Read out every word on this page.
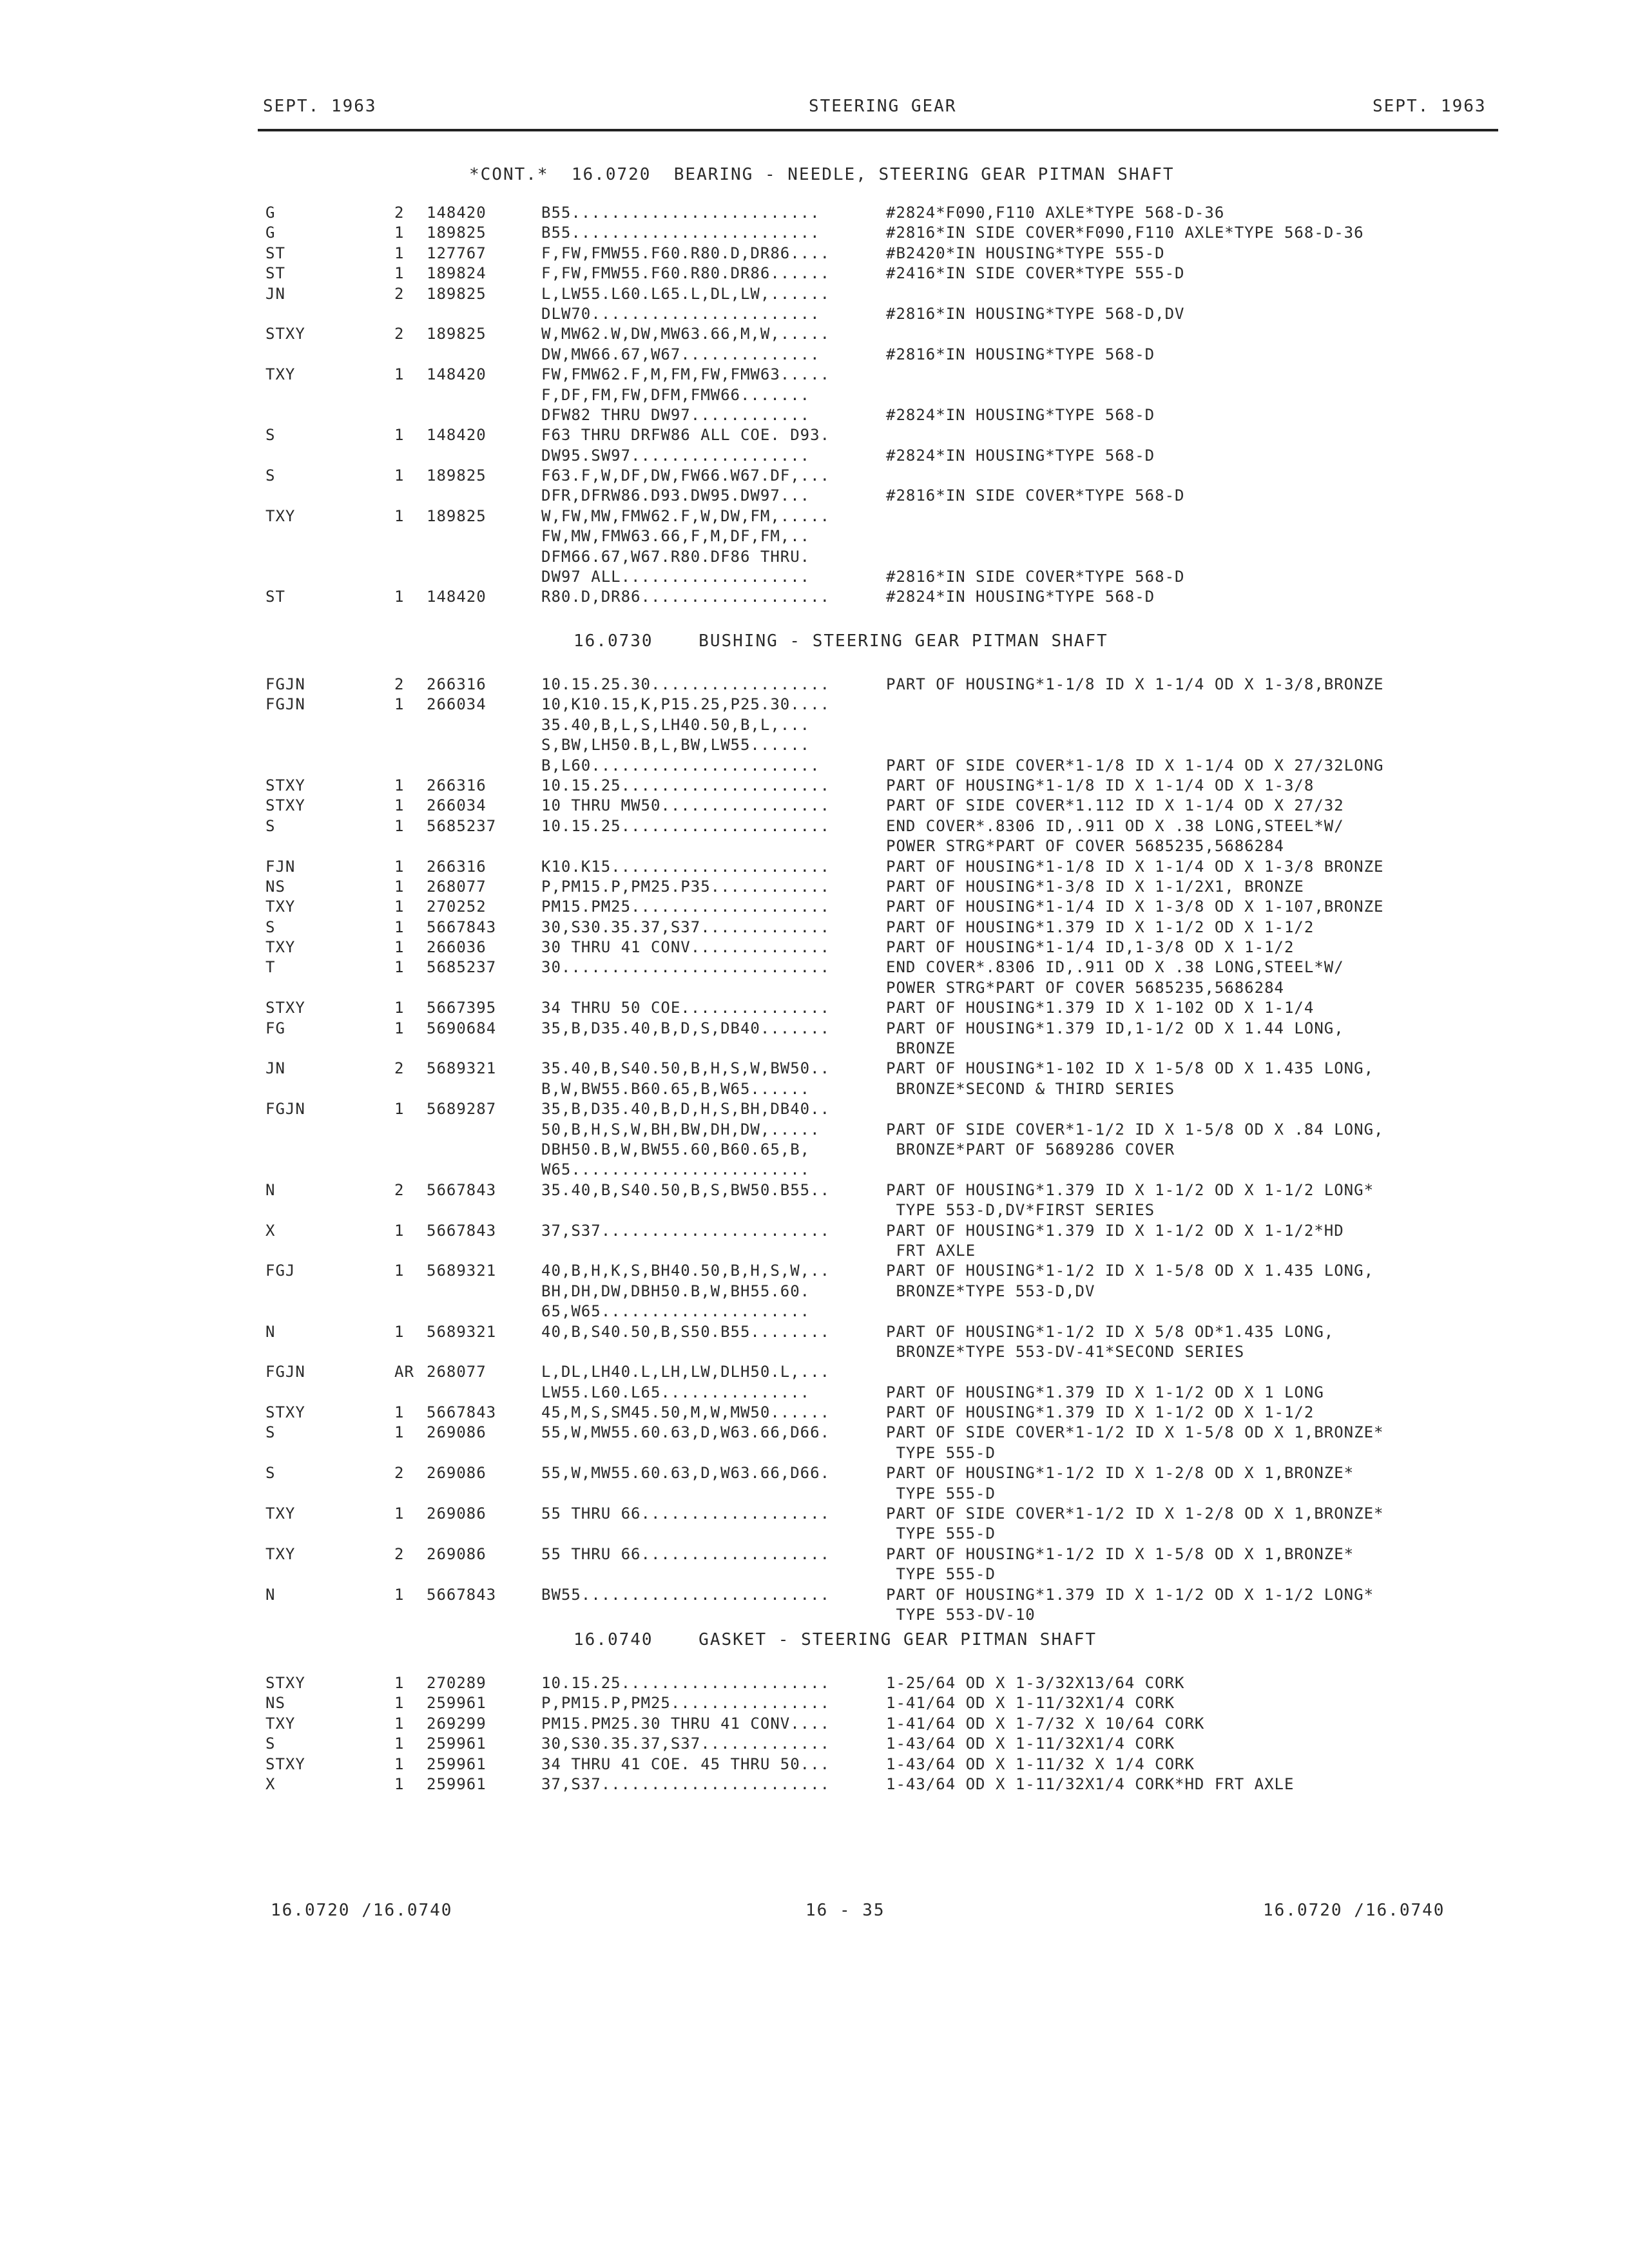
SEPT. 1963	STEERING GEAR	SEPT. 1963
*CONT.*  16.0720  BEARING - NEEDLE, STEERING GEAR PITMAN SHAFT
G	2 148420	B55.........................	#2824*F090,F110 AXLE*TYPE 568-D-36
G	1 189825	B55.........................	#2816*IN SIDE COVER*F090,F110 AXLE*TYPE 568-D-36
ST	1 127767	F,FW,FMW55.F60.R80.D,DR86....	#B2420*IN HOUSING*TYPE 555-D
ST	1 189824	F,FW,FMW55.F60.R80.DR86......	#2416*IN SIDE COVER*TYPE 555-D
JN	2 189825	L,LW55.L60.L65.L,DL,LW,......
DLW70.......................	#2816*IN HOUSING*TYPE 568-D,DV
STXY	2 189825	W,MW62.W,DW,MW63.66,M,W,.....
DW,MW66.67,W67..............	#2816*IN HOUSING*TYPE 568-D
TXY	1 148420	FW,FMW62.F,M,FM,FW,FMW63.....
F,DF,FM,FW,DFM,FMW66.......
DFW82 THRU DW97............	#2824*IN HOUSING*TYPE 568-D
S	1 148420	F63 THRU DRFW86 ALL COE. D93.
DW95.SW97..................	#2824*IN HOUSING*TYPE 568-D
S	1 189825	F63.F,W,DF,DW,FW66.W67.DF,...
DFR,DFRW86.D93.DW95.DW97...	#2816*IN SIDE COVER*TYPE 568-D
TXY	1 189825	W,FW,MW,FMW62.F,W,DW,FM,.....
FW,MW,FMW63.66,F,M,DF,FM,..
DFM66.67,W67.R80.DF86 THRU.
DW97 ALL...................	#2816*IN SIDE COVER*TYPE 568-D
ST	1 148420	R80.D,DR86...................	#2824*IN HOUSING*TYPE 568-D
16.0730    BUSHING - STEERING GEAR PITMAN SHAFT
FGJN	2 266316	10.15.25.30..................	PART OF HOUSING*1-1/8 ID X 1-1/4 OD X 1-3/8,BRONZE
FGJN	1 266034	10,K10.15,K,P15.25,P25.30....
35.40,B,L,S,LH40.50,B,L,...
S,BW,LH50.B,L,BW,LW55......
B,L60.......................	PART OF SIDE COVER*1-1/8 ID X 1-1/4 OD X 27/32LONG
STXY	1 266316	10.15.25.....................	PART OF HOUSING*1-1/8 ID X 1-1/4 OD X 1-3/8
STXY	1 266034	10 THRU MW50.................	PART OF SIDE COVER*1.112 ID X 1-1/4 OD X 27/32
S	1 5685237	10.15.25.....................	END COVER*.8306 ID,.911 OD X .38 LONG,STEEL*W/
POWER STRG*PART OF COVER 5685235,5686284
FJN	1 266316	K10.K15......................	PART OF HOUSING*1-1/8 ID X 1-1/4 OD X 1-3/8 BRONZE
NS	1 268077	P,PM15.P,PM25.P35............	PART OF HOUSING*1-3/8 ID X 1-1/2X1, BRONZE
TXY	1 270252	PM15.PM25....................	PART OF HOUSING*1-1/4 ID X 1-3/8 OD X 1-107,BRONZE
S	1 5667843	30,S30.35.37,S37.............	PART OF HOUSING*1.379 ID X 1-1/2 OD X 1-1/2
TXY	1 266036	30 THRU 41 CONV..............	PART OF HOUSING*1-1/4 ID,1-3/8 OD X 1-1/2
T	1 5685237	30...........................	END COVER*.8306 ID,.911 OD X .38 LONG,STEEL*W/
POWER STRG*PART OF COVER 5685235,5686284
STXY	1 5667395	34 THRU 50 COE...............	PART OF HOUSING*1.379 ID X 1-102 OD X 1-1/4
FG	1 5690684	35,B,D35.40,B,D,S,DB40.......	PART OF HOUSING*1.379 ID,1-1/2 OD X 1.44 LONG,
BRONZE
JN	2 5689321	35.40,B,S40.50,B,H,S,W,BW50..	PART OF HOUSING*1-102 ID X 1-5/8 OD X 1.435 LONG,
B,W,BW55.B60.65,B,W65......	BRONZE*SECOND & THIRD SERIES
FGJN	1 5689287	35,B,D35.40,B,D,H,S,BH,DB40..
50,B,H,S,W,BH,BW,DH,DW,.....	PART OF SIDE COVER*1-1/2 ID X 1-5/8 OD X .84 LONG,
DBH50.B,W,BW55.60,B60.65,B,	BRONZE*PART OF 5689286 COVER
W65........................
N	2 5667843	35.40,B,S40.50,B,S,BW50.B55..	PART OF HOUSING*1.379 ID X 1-1/2 OD X 1-1/2 LONG*
TYPE 553-D,DV*FIRST SERIES
X	1 5667843	37,S37.......................	PART OF HOUSING*1.379 ID X 1-1/2 OD X 1-1/2*HD
FRT AXLE
FGJ	1 5689321	40,B,H,K,S,BH40.50,B,H,S,W,..	PART OF HOUSING*1-1/2 ID X 1-5/8 OD X 1.435 LONG,
BH,DH,DW,DBH50.B,W,BH55.60.	BRONZE*TYPE 553-D,DV
65,W65.....................
N	1 5689321	40,B,S40.50,B,S50.B55........	PART OF HOUSING*1-1/2 ID X 5/8 OD*1.435 LONG,
BRONZE*TYPE 553-DV-41*SECOND SERIES
FGJN	AR 268077	L,DL,LH40.L,LH,LW,DLH50.L,...
LW55.L60.L65...............	PART OF HOUSING*1.379 ID X 1-1/2 OD X 1 LONG
STXY	1 5667843	45,M,S,SM45.50,M,W,MW50......	PART OF HOUSING*1.379 ID X 1-1/2 OD X 1-1/2
S	1 269086	55,W,MW55.60.63,D,W63.66,D66.	PART OF SIDE COVER*1-1/2 ID X 1-5/8 OD X 1,BRONZE*
TYPE 555-D
S	2 269086	55,W,MW55.60.63,D,W63.66,D66.	PART OF HOUSING*1-1/2 ID X 1-2/8 OD X 1,BRONZE*
TYPE 555-D
TXY	1 269086	55 THRU 66...................	PART OF SIDE COVER*1-1/2 ID X 1-2/8 OD X 1,BRONZE*
TYPE 555-D
TXY	2 269086	55 THRU 66...................	PART OF HOUSING*1-1/2 ID X 1-5/8 OD X 1,BRONZE*
TYPE 555-D
N	1 5667843	BW55.........................	PART OF HOUSING*1.379 ID X 1-1/2 OD X 1-1/2 LONG*
TYPE 553-DV-10
16.0740    GASKET - STEERING GEAR PITMAN SHAFT
STXY	1 270289	10.15.25.....................	1-25/64 OD X 1-3/32X13/64 CORK
NS	1 259961	P,PM15.P,PM25................	1-41/64 OD X 1-11/32X1/4 CORK
TXY	1 269299	PM15.PM25.30 THRU 41 CONV....	1-41/64 OD X 1-7/32 X 10/64 CORK
S	1 259961	30,S30.35.37,S37.............	1-43/64 OD X 1-11/32X1/4 CORK
STXY	1 259961	34 THRU 41 COE. 45 THRU 50...	1-43/64 OD X 1-11/32 X 1/4 CORK
X	1 259961	37,S37.......................	1-43/64 OD X 1-11/32X1/4 CORK*HD FRT AXLE
16.0720 /16.0740	16 - 35	16.0720 /16.0740
